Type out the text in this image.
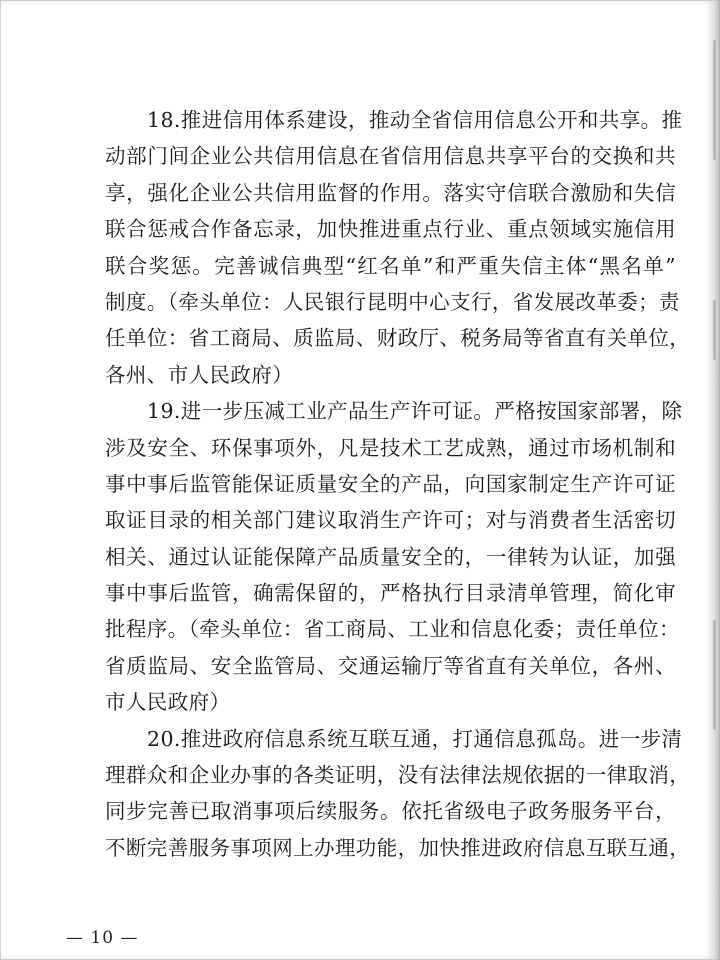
18.推进信用体系建设，推动全省信用信息公开和共享。推
动部门间企业公共信用信息在省信用信息共享平台的交换和共
享，强化企业公共信用监督的作用。落实守信联合激励和失信
联合惩戒合作备忘录，加快推进重点行业、重点领域实施信用
联合奖惩。完善诚信典型“红名单”和严重失信主体“黑名单”
制度。（牵头单位：人民银行昆明中心支行，省发展改革委；责
任单位：省工商局、质监局、财政厅、税务局等省直有关单位，
各州、市人民政府）

19.进一步压减工业产品生产许可证。严格按国家部署，除
涉及安全、环保事项外，凡是技术工艺成熟，通过市场机制和
事中事后监管能保证质量安全的产品，向国家制定生产许可证
取证目录的相关部门建议取消生产许可；对与消费者生活密切
相关、通过认证能保障产品质量安全的，一律转为认证，加强
事中事后监管，确需保留的，严格执行目录清单管理，简化审
批程序。（牵头单位：省工商局、工业和信息化委；责任单位：
省质监局、安全监管局、交通运输厅等省直有关单位，各州、
市人民政府）

20.推进政府信息系统互联互通，打通信息孤岛。进一步清
理群众和企业办事的各类证明，没有法律法规依据的一律取消，
同步完善已取消事项后续服务。依托省级电子政务服务平台，
不断完善服务事项网上办理功能，加快推进政府信息互联互通，

— 10 —
